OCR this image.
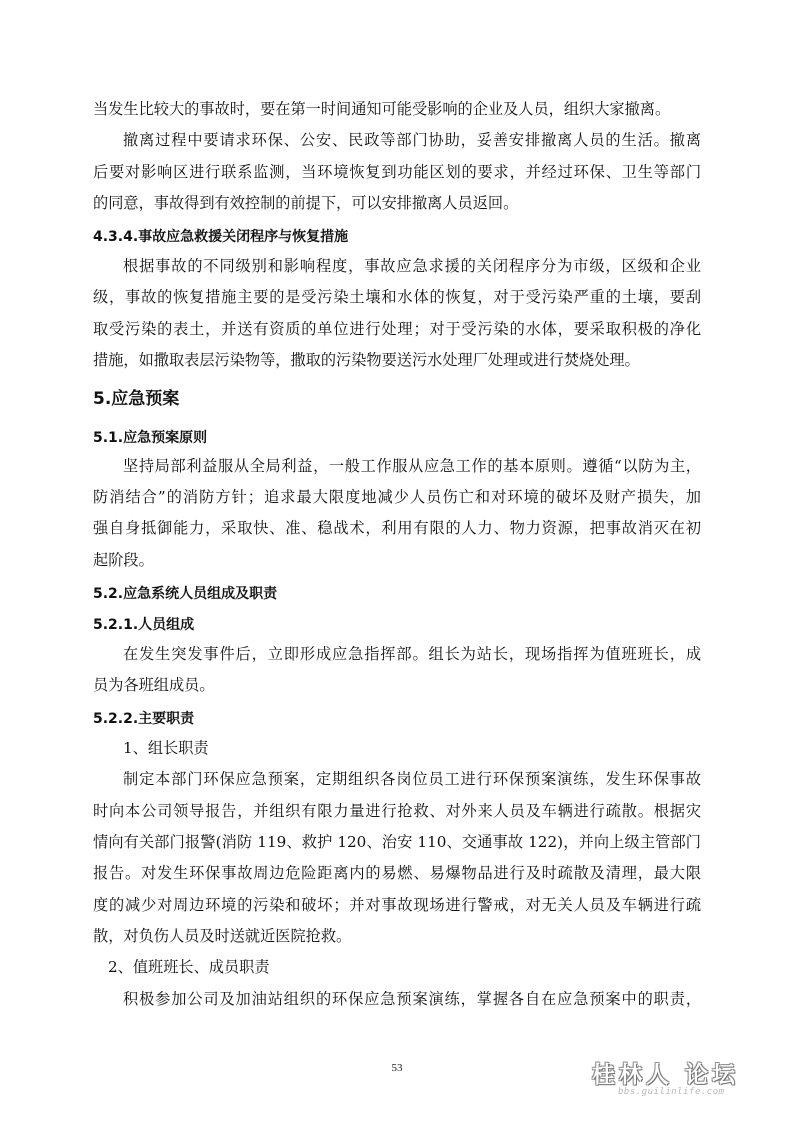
当发生比较大的事故时，要在第一时间通知可能受影响的企业及人员，组织大家撤离。

撤离过程中要请求环保、公安、民政等部门协助，妥善安排撤离人员的生活。撤离

后要对影响区进行联系监测，当环境恢复到功能区划的要求，并经过环保、卫生等部门

的同意，事故得到有效控制的前提下，可以安排撤离人员返回。

4.3.4.事故应急救援关闭程序与恢复措施

根据事故的不同级别和影响程度，事故应急求援的关闭程序分为市级，区级和企业

级，事故的恢复措施主要的是受污染土壤和水体的恢复，对于受污染严重的土壤，要刮

取受污染的表土，并送有资质的单位进行处理；对于受污染的水体，要采取积极的净化

措施，如撒取表层污染物等，撒取的污染物要送污水处理厂处理或进行焚烧处理。

5.应急预案
5.1.应急预案原则

坚持局部利益服从全局利益，一般工作服从应急工作的基本原则。遵循“以防为主，

防消结合”的消防方针；追求最大限度地减少人员伤亡和对环境的破坏及财产损失，加

强自身抵御能力，采取快、准、稳战术，利用有限的人力、物力资源，把事故消灭在初

起阶段。

5.2.应急系统人员组成及职责
5.2.1.人员组成

在发生突发事件后，立即形成应急指挥部。组长为站长，现场指挥为值班班长，成

员为各班组成员。

5.2.2.主要职责

1、组长职责

制定本部门环保应急预案，定期组织各岗位员工进行环保预案演练，发生环保事故

时向本公司领导报告，并组织有限力量进行抢救、对外来人员及车辆进行疏散。根据灾

情向有关部门报警(消防 119、救护 120、治安 110、交通事故 122)，并向上级主管部门

报告。对发生环保事故周边危险距离内的易燃、易爆物品进行及时疏散及清理，最大限

度的减少对周边环境的污染和破坏；并对事故现场进行警戒，对无关人员及车辆进行疏

散，对负伤人员及时送就近医院抢救。

2、值班班长、成员职责

积极参加公司及加油站组织的环保应急预案演练，掌握各自在应急预案中的职责，

53	桂林人 论坛
bbs.guilinlife.com
